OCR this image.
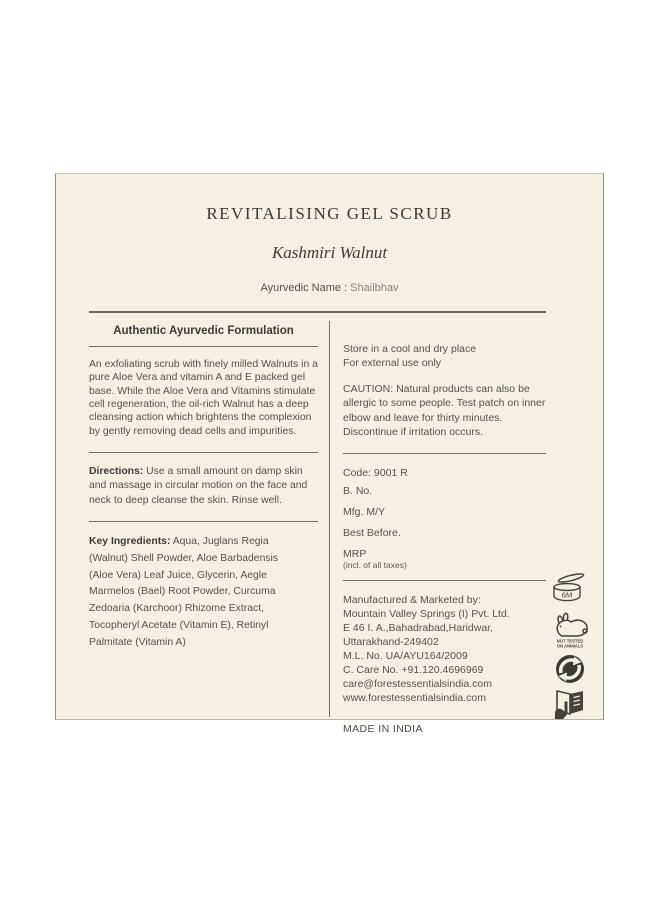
REVITALISING GEL SCRUB
Kashmiri Walnut
Ayurvedic Name : Shailbhav
Authentic Ayurvedic Formulation

An exfoliating scrub with finely milled Walnuts in a pure Aloe Vera and vitamin A and E packed gel base. While the Aloe Vera and Vitamins stimulate cell regeneration, the oil-rich Walnut has a deep cleansing action which brightens the complexion by gently removing dead cells and impurities.

Directions: Use a small amount on damp skin and massage in circular motion on the face and neck to deep cleanse the skin. Rinse well.

Key Ingredients: Aqua, Juglans Regia (Walnut) Shell Powder, Aloe Barbadensis (Aloe Vera) Leaf Juice, Glycerin, Aegle Marmelos (Bael) Root Powder, Curcuma Zedoaria (Karchoor) Rhizome Extract, Tocopheryl Acetate (Vitamin E), Retinyl Palmitate (Vitamin A)

Store in a cool and dry place
For external use only

CAUTION: Natural products can also be allergic to some people. Test patch on inner elbow and leave for thirty minutes. Discontinue if irritation occurs.

Code: 9001 R
B. No.
Mfg. M/Y
Best Before.
MRP
(incl. of all taxes)
Manufactured & Marketed by:
Mountain Valley Springs (I) Pvt. Ltd.
E 46 I. A.,Bahadrabad,Haridwar,
Uttarakhand-249402
M.L. No. UA/AYU164/2009
C. Care No. +91.120.4696969
care@forestessentialsindia.com
www.forestessentialsindia.com
MADE IN INDIA
6M
NOT TESTED
ON ANIMALS
